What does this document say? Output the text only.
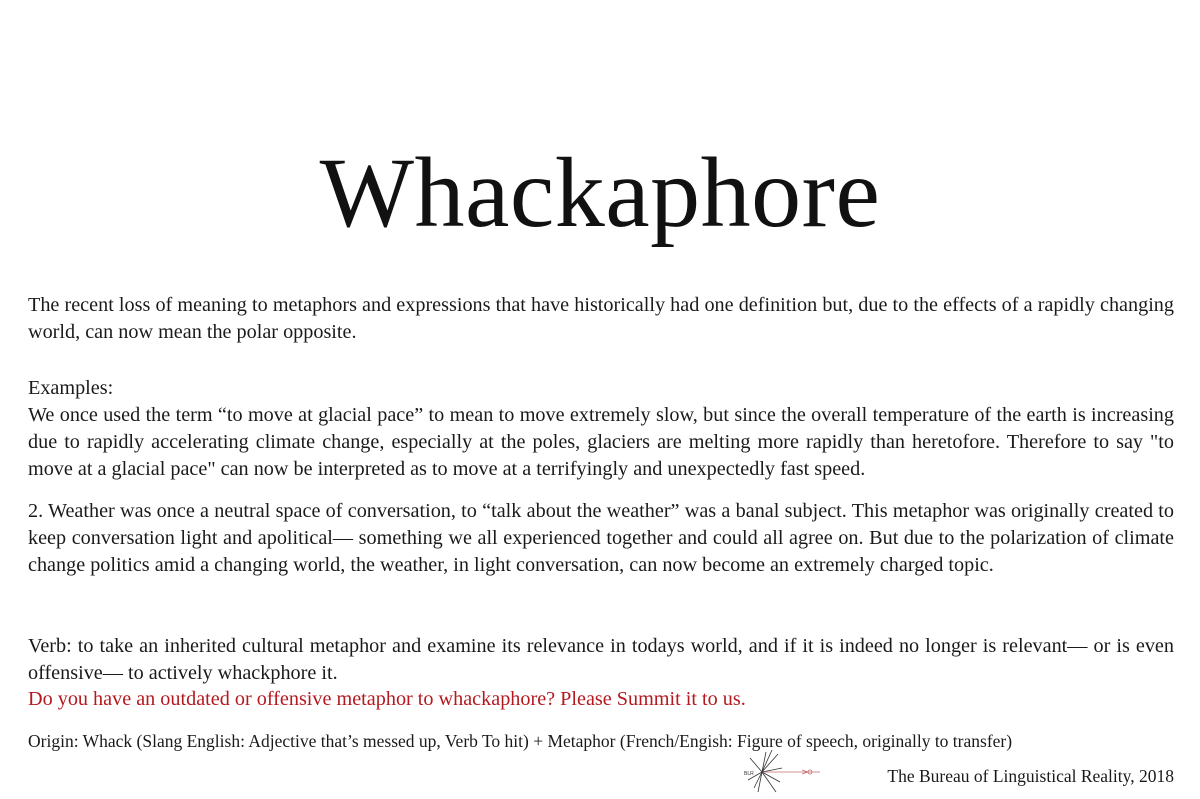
Whackaphore

The recent loss of meaning to metaphors and expressions that have historically had one definition but, due to the effects of a rapidly changing world, can now mean the polar opposite.

Examples:

We once used the term “to move at glacial pace” to mean to move extremely slow, but since the overall temperature of the earth is increasing due to rapidly accelerating climate change, especially at the poles, glaciers are melting more rapidly than heretofore. Therefore to say "to move at a glacial pace" can now be interpreted as to move at a terrifyingly and unexpectedly fast speed.

2. Weather was once a neutral space of conversation, to “talk about the weather” was a banal subject. This metaphor was originally created to keep conversation light and apolitical— something we all experienced together and could all agree on. But due to the polarization of climate change politics amid a changing world, the weather, in light conversation, can now become an extremely charged topic.

Verb: to take an inherited cultural metaphor and examine its relevance in todays world, and if it is indeed no longer is relevant— or is even offensive— to actively whackphore it.

Do you have an outdated or offensive metaphor to whackaphore? Please Summit it to us.

Origin: Whack (Slang English: Adjective that’s messed up, Verb To hit) + Metaphor (French/Engish: Figure of speech, originally to transfer)

BLR	The Bureau of Linguistical Reality, 2018
